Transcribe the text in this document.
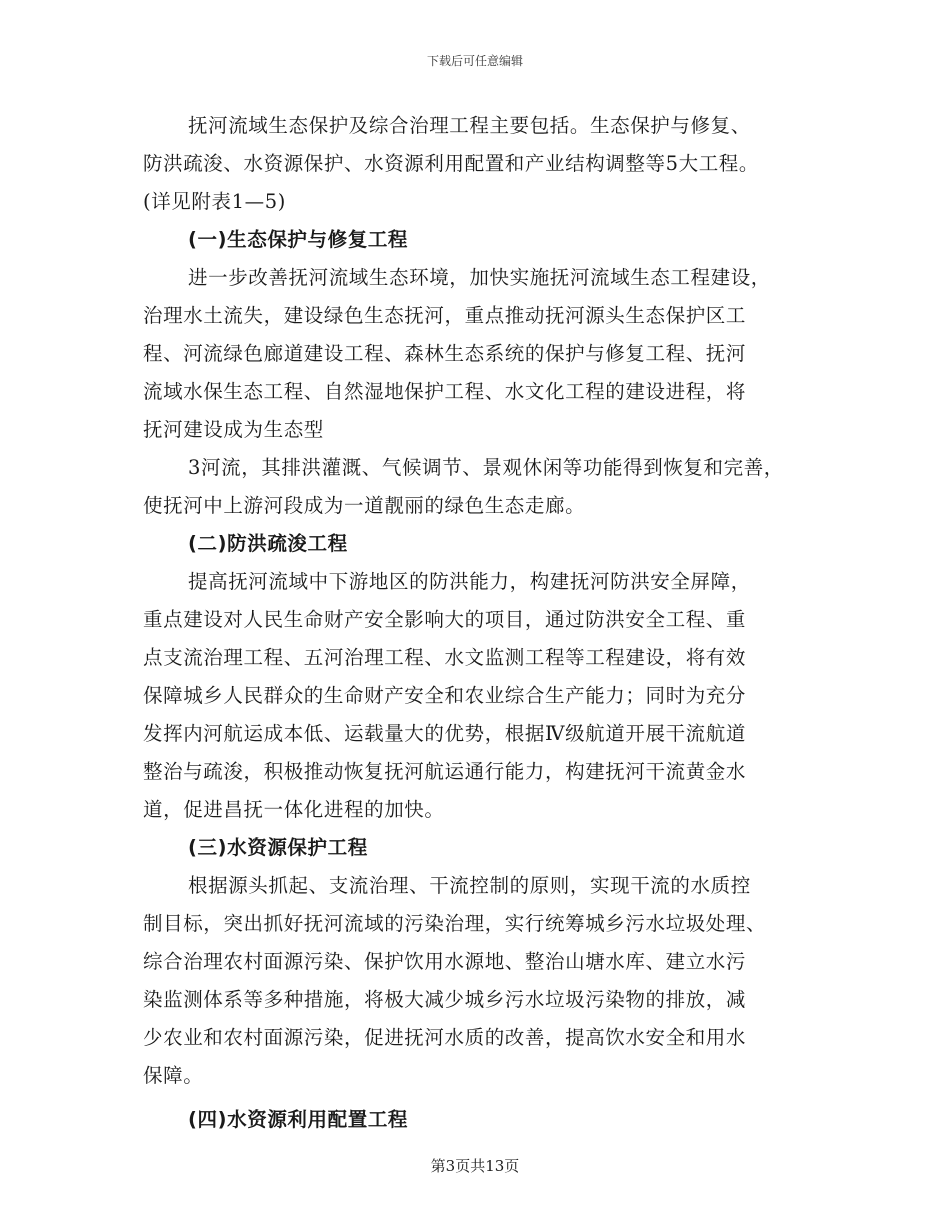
下载后可任意编辑
抚河流域生态保护及综合治理工程主要包括。生态保护与修复、
防洪疏浚、水资源保护、水资源利用配置和产业结构调整等5大工程。
(详见附表1—5)
(一)生态保护与修复工程
进一步改善抚河流域生态环境，加快实施抚河流域生态工程建设，
治理水土流失，建设绿色生态抚河，重点推动抚河源头生态保护区工
程、河流绿色廊道建设工程、森林生态系统的保护与修复工程、抚河
流域水保生态工程、自然湿地保护工程、水文化工程的建设进程，将
抚河建设成为生态型
3河流，其排洪灌溉、气候调节、景观休闲等功能得到恢复和完善，
使抚河中上游河段成为一道靓丽的绿色生态走廊。
(二)防洪疏浚工程
提高抚河流域中下游地区的防洪能力，构建抚河防洪安全屏障，
重点建设对人民生命财产安全影响大的项目，通过防洪安全工程、重
点支流治理工程、五河治理工程、水文监测工程等工程建设，将有效
保障城乡人民群众的生命财产安全和农业综合生产能力；同时为充分
发挥内河航运成本低、运载量大的优势，根据Ⅳ级航道开展干流航道
整治与疏浚，积极推动恢复抚河航运通行能力，构建抚河干流黄金水
道，促进昌抚一体化进程的加快。
(三)水资源保护工程
根据源头抓起、支流治理、干流控制的原则，实现干流的水质控
制目标，突出抓好抚河流域的污染治理，实行统筹城乡污水垃圾处理、
综合治理农村面源污染、保护饮用水源地、整治山塘水库、建立水污
染监测体系等多种措施，将极大减少城乡污水垃圾污染物的排放，减
少农业和农村面源污染，促进抚河水质的改善，提高饮水安全和用水
保障。
(四)水资源利用配置工程
第3页共13页
